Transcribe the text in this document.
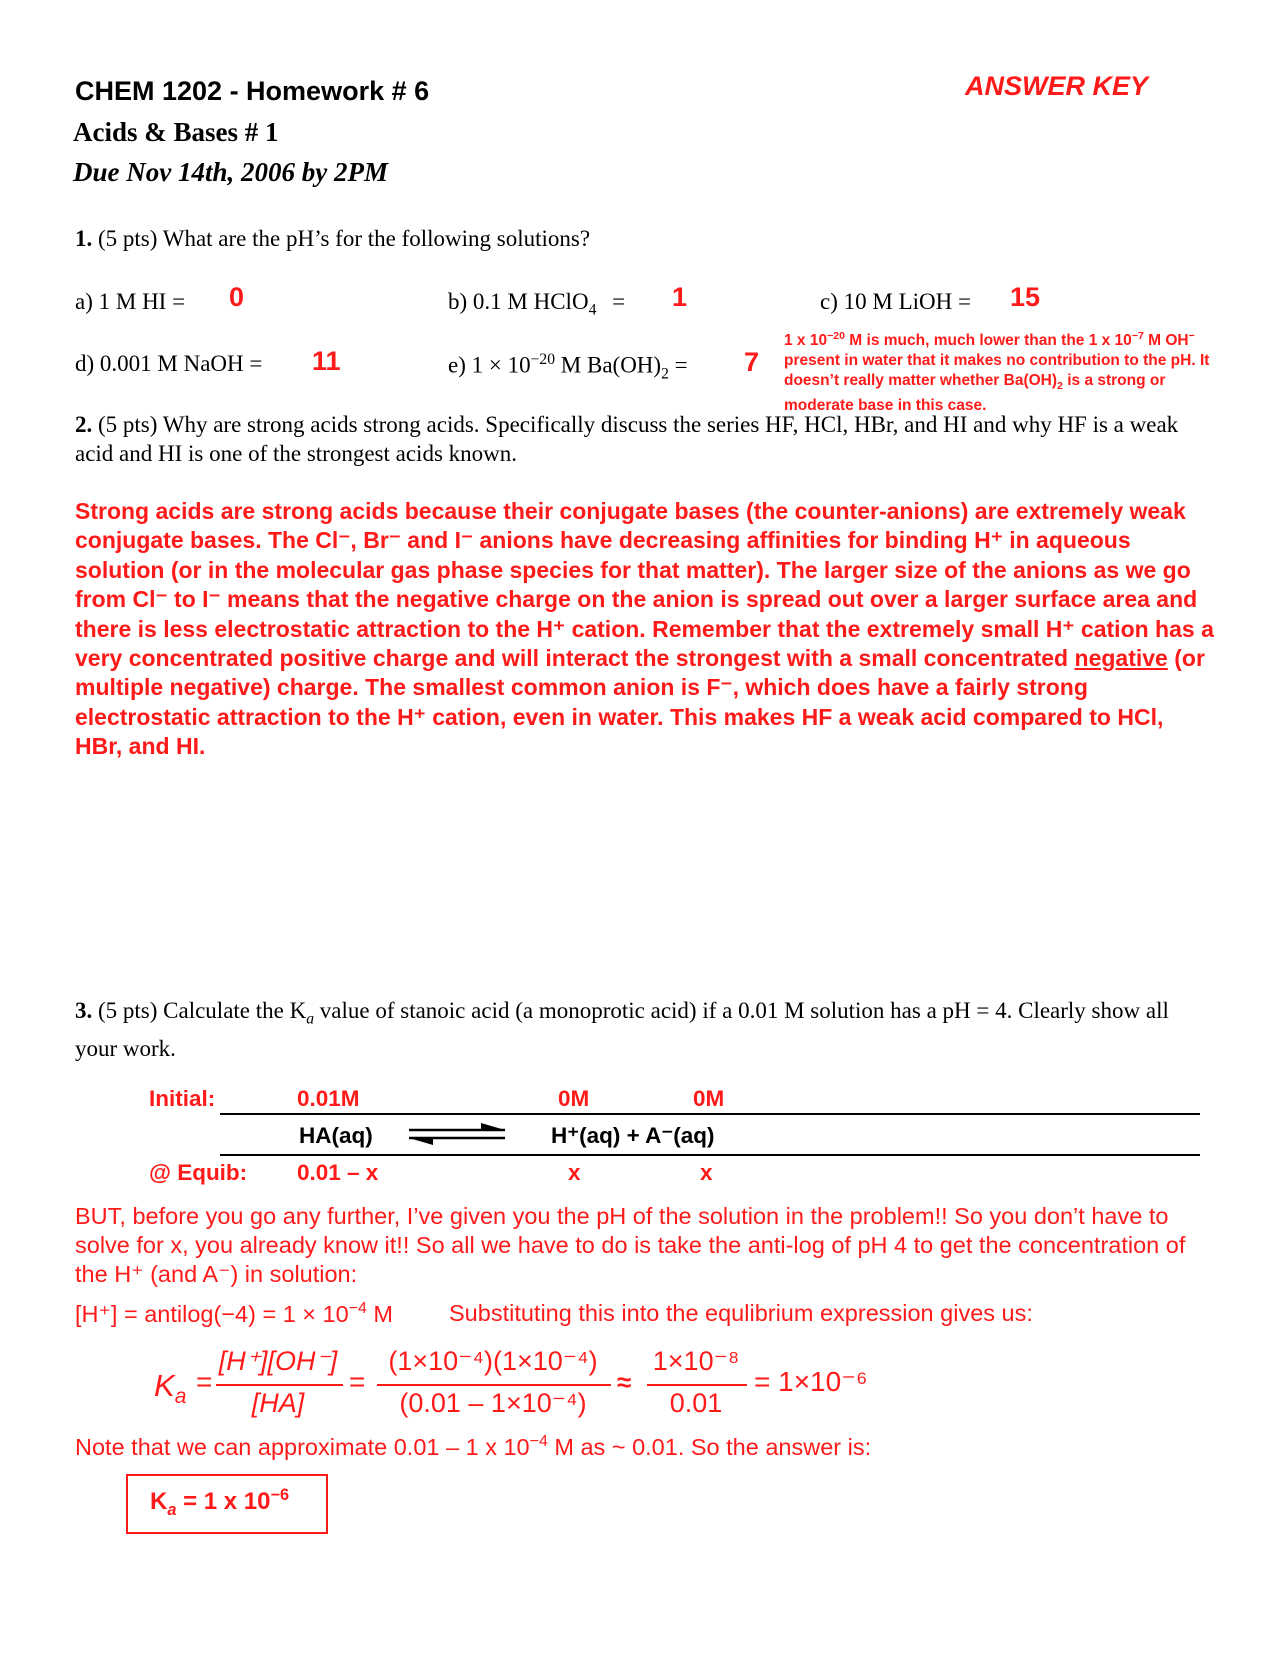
CHEM 1202 - Homework # 6	ANSWER KEY
Acids & Bases # 1
Due Nov 14th, 2006 by 2PM
1. (5 pts) What are the pH’s for the following solutions?
a) 1 M HI = 0	b) 0.1 M HClO$_4$ = 1	c) 10 M LiOH = 15
1 x $10^{-20}$ M is much, much lower than the 1 x $10^{-7}$ M OH− present in water that it makes no contribution to the pH. It doesn’t really matter whether $Ba(OH)_2$ is a strong or moderate base in this case.
d) 0.001 M NaOH = 11	e) $1 \times 10^{-20}$ M $Ba(OH)_2 = 7$
2. (5 pts) Why are strong acids strong acids. Specifically discuss the series HF, HCl, HBr, and HI and why HF is a weak acid and HI is one of the strongest acids known.
Strong acids are strong acids because their conjugate bases (the counter-anions) are extremely weak conjugate bases. The Cl⁻, Br⁻ and I⁻ anions have decreasing affinities for binding H⁺ in aqueous solution (or in the molecular gas phase species for that matter). The larger size of the anions as we go from Cl⁻ to I⁻ means that the negative charge on the anion is spread out over a larger surface area and there is less electrostatic attraction to the H⁺ cation. Remember that the extremely small H⁺ cation has a very concentrated positive charge and will interact the strongest with a small concentrated negative (or multiple negative) charge. The smallest common anion is F⁻, which does have a fairly strong electrostatic attraction to the H⁺ cation, even in water. This makes HF a weak acid compared to HCl, HBr, and HI.
3. (5 pts) Calculate the $K_a$ value of stanoic acid (a monoprotic acid) if a 0.01 M solution has a pH = 4. Clearly show all your work.
Initial:	0.01M	0M	0M
HA(aq)	H⁺(aq) + A⁻(aq)
@ Equib: 0.01 – x	x	x
BUT, before you go any further, I’ve given you the pH of the solution in the problem!! So you don’t have to solve for x, you already know it!! So all we have to do is take the anti-log of pH 4 to get the concentration of the H⁺ (and A⁻) in solution:
[H⁺] = antilog(−4) = $1 \times 10^{-4}$ M Substituting this into the equlibrium expression gives us:
$K_a$ =
[H⁺][OH⁻]
[HA]
=
(1×10⁻⁴)(1×10⁻⁴)
(0.01 – 1×10⁻⁴)
≈
1×10⁻⁸
0.01
= 1×10⁻⁶
Note that we can approximate 0.01 – 1 x $10^{-4}$ M as ~ 0.01. So the answer is:
$K_a = 1$ x $10^{-6}$
